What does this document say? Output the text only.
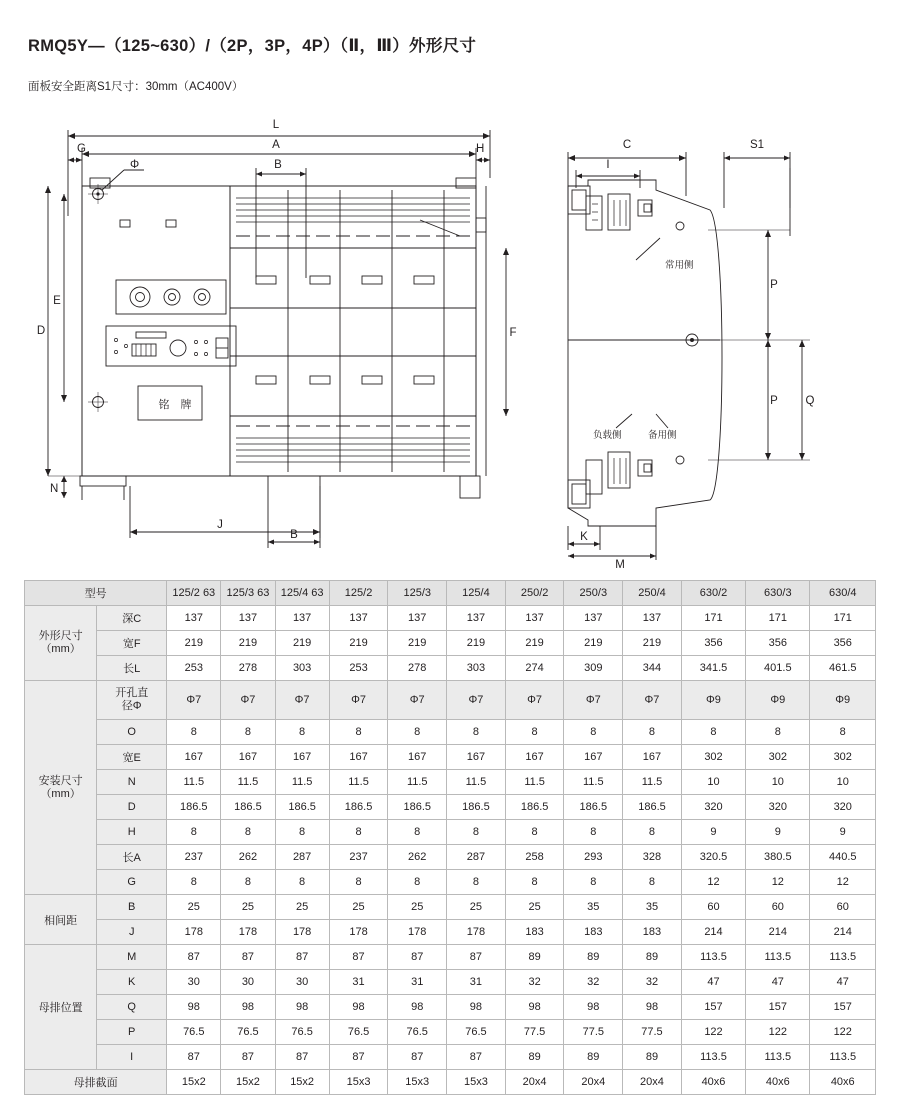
RMQ5Y—（125~630）/（2P，3P，4P）（Ⅱ，Ⅲ）外形尺寸
面板安全距离S1尺寸：30mm（AC400V）
L
A
G	H
B
Φ
D
E
F
N
J
B
铭　牌
C	S1
I
P
P Q
K
M
常用侧
负载侧	备用侧
型号		125/2 63	125/3 63	125/4 63	125/2	125/3	125/4	250/2	250/3	250/4	630/2	630/3	630/4
外形尺寸
（mm）	深C	137	137	137	137	137	137	137	137	137	171	171	171
	宽F	219	219	219	219	219	219	219	219	219	356	356	356
	长L	253	278	303	253	278	303	274	309	344	341.5	401.5	461.5
安装尺寸
（mm）	开孔直
径Φ	Φ7	Φ7	Φ7	Φ7	Φ7	Φ7	Φ7	Φ7	Φ7	Φ9	Φ9	Φ9
	O	8	8	8	8	8	8	8	8	8	8	8	8
	宽E	167	167	167	167	167	167	167	167	167	302	302	302
	N	11.5	11.5	11.5	11.5	11.5	11.5	11.5	11.5	11.5	10	10	10
	D	186.5	186.5	186.5	186.5	186.5	186.5	186.5	186.5	186.5	320	320	320
	H	8	8	8	8	8	8	8	8	8	9	9	9
	长A	237	262	287	237	262	287	258	293	328	320.5	380.5	440.5
	G	8	8	8	8	8	8	8	8	8	12	12	12
相间距	B	25	25	25	25	25	25	25	35	35	60	60	60
	J	178	178	178	178	178	178	183	183	183	214	214	214
母排位置	M	87	87	87	87	87	87	89	89	89	113.5	113.5	113.5
	K	30	30	30	31	31	31	32	32	32	47	47	47
	Q	98	98	98	98	98	98	98	98	98	157	157	157
	P	76.5	76.5	76.5	76.5	76.5	76.5	77.5	77.5	77.5	122	122	122
	I	87	87	87	87	87	87	89	89	89	113.5	113.5	113.5
母排截面		15x2	15x2	15x2	15x3	15x3	15x3	20x4	20x4	20x4	40x6	40x6	40x6
